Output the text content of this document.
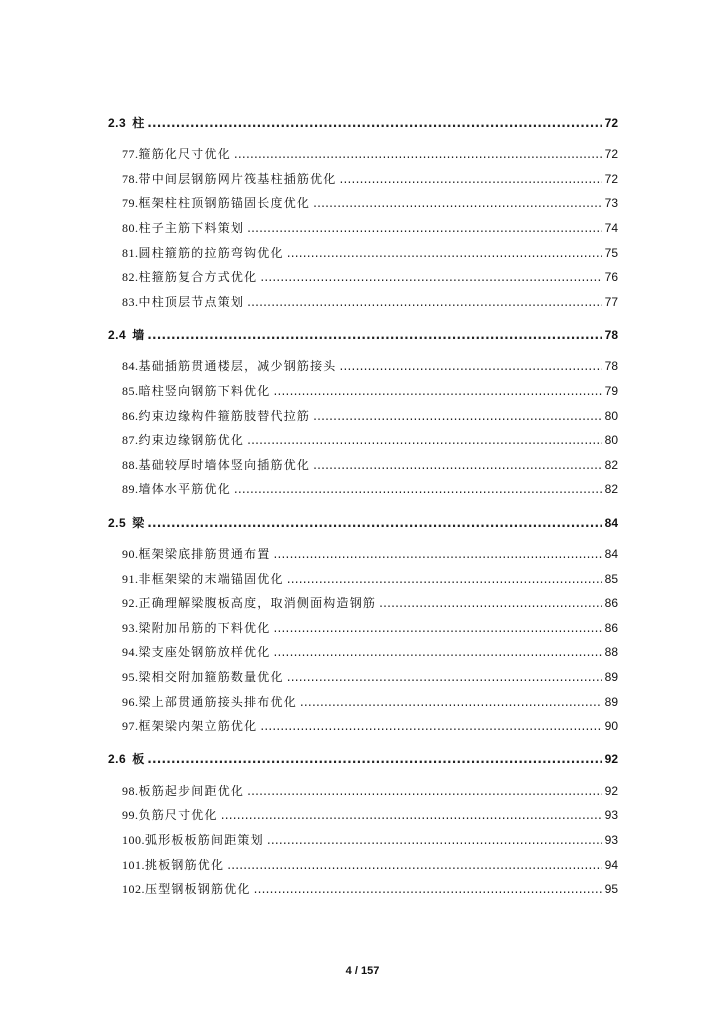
2.3 柱 .....	72
77. 箍筋化尺寸优化 .....	72
78. 带中间层钢筋网片筏基柱插筋优化 .....	72
79. 框架柱柱顶钢筋锚固长度优化 .....	73
80. 柱子主筋下料策划 .....	74
81. 圆柱箍筋的拉筋弯钩优化 .....	75
82. 柱箍筋复合方式优化 .....	76
83. 中柱顶层节点策划 .....	77
2.4 墙 .....	78
84. 基础插筋贯通楼层，减少钢筋接头 .....	78
85. 暗柱竖向钢筋下料优化 .....	79
86. 约束边缘构件箍筋肢替代拉筋 .....	80
87. 约束边缘钢筋优化 .....	80
88. 基础较厚时墙体竖向插筋优化 .....	82
89. 墙体水平筋优化 .....	82
2.5 梁 .....	84
90. 框架梁底排筋贯通布置 .....	84
91. 非框架梁的末端锚固优化 .....	85
92. 正确理解梁腹板高度，取消侧面构造钢筋 .....	86
93. 梁附加吊筋的下料优化 .....	86
94. 梁支座处钢筋放样优化 .....	88
95. 梁相交附加箍筋数量优化 .....	89
96. 梁上部贯通筋接头排布优化 .....	89
97. 框架梁内架立筋优化 .....	90
2.6 板 .....	92
98. 板筋起步间距优化 .....	92
99. 负筋尺寸优化 .....	93
100. 弧形板板筋间距策划 .....	93
101. 挑板钢筋优化 .....	94
102. 压型钢板钢筋优化 .....	95
4 / 157
